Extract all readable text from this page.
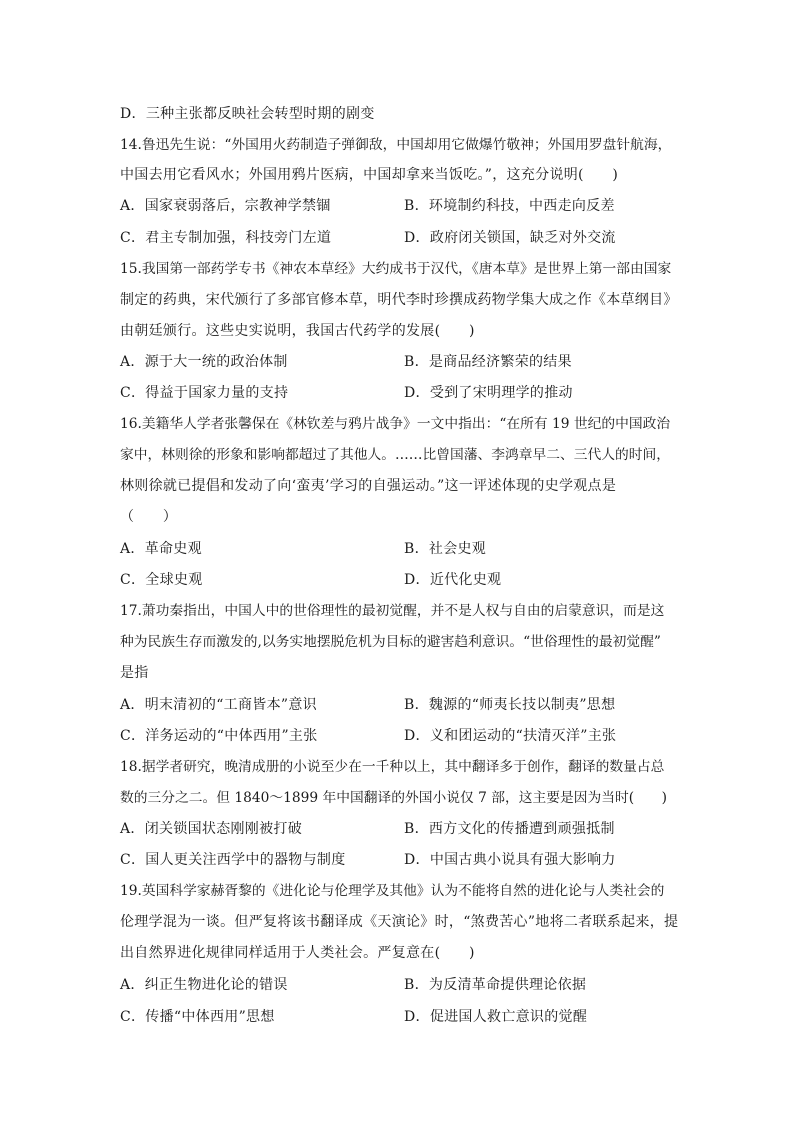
D．三种主张都反映社会转型时期的剧变
14.鲁迅先生说：“外国用火药制造子弹御敌，中国却用它做爆竹敬神；外国用罗盘针航海，
中国去用它看风水；外国用鸦片医病，中国却拿来当饭吃。”，这充分说明(　　)
A．国家衰弱落后，宗教神学禁锢	B．环境制约科技，中西走向反差
C．君主专制加强，科技旁门左道	D．政府闭关锁国，缺乏对外交流
15.我国第一部药学专书《神农本草经》大约成书于汉代，《唐本草》是世界上第一部由国家
制定的药典，宋代颁行了多部官修本草，明代李时珍撰成药物学集大成之作《本草纲目》
由朝廷颁行。这些史实说明，我国古代药学的发展(　　)
A．源于大一统的政治体制	B．是商品经济繁荣的结果
C．得益于国家力量的支持	D．受到了宋明理学的推动
16.美籍华人学者张馨保在《林钦差与鸦片战争》一文中指出：“在所有 19 世纪的中国政治
家中，林则徐的形象和影响都超过了其他人。……比曾国藩、李鸿章早二、三代人的时间，
林则徐就已提倡和发动了向‘蛮夷’学习的自强运动。”这一评述体现的史学观点是
（　　）
A．革命史观	B．社会史观
C．全球史观	D．近代化史观
17.萧功秦指出，中国人中的世俗理性的最初觉醒，并不是人权与自由的启蒙意识，而是这
种为民族生存而激发的,以务实地摆脱危机为目标的避害趋利意识。“世俗理性的最初觉醒”
是指
A．明末清初的“工商皆本”意识	B．魏源的“师夷长技以制夷”思想
C．洋务运动的“中体西用”主张	D．义和团运动的“扶清灭洋”主张
18.据学者研究，晚清成册的小说至少在一千种以上，其中翻译多于创作，翻译的数量占总
数的三分之二。但 1840～1899 年中国翻译的外国小说仅 7 部，这主要是因为当时(　　)
A．闭关锁国状态刚刚被打破	B．西方文化的传播遭到顽强抵制
C．国人更关注西学中的器物与制度	D．中国古典小说具有强大影响力
19.英国科学家赫胥黎的《进化论与伦理学及其他》认为不能将自然的进化论与人类社会的
伦理学混为一谈。但严复将该书翻译成《天演论》时，“煞费苦心”地将二者联系起来，提
出自然界进化规律同样适用于人类社会。严复意在(　　)
A．纠正生物进化论的错误	B．为反清革命提供理论依据
C．传播“中体西用”思想	D．促进国人救亡意识的觉醒
